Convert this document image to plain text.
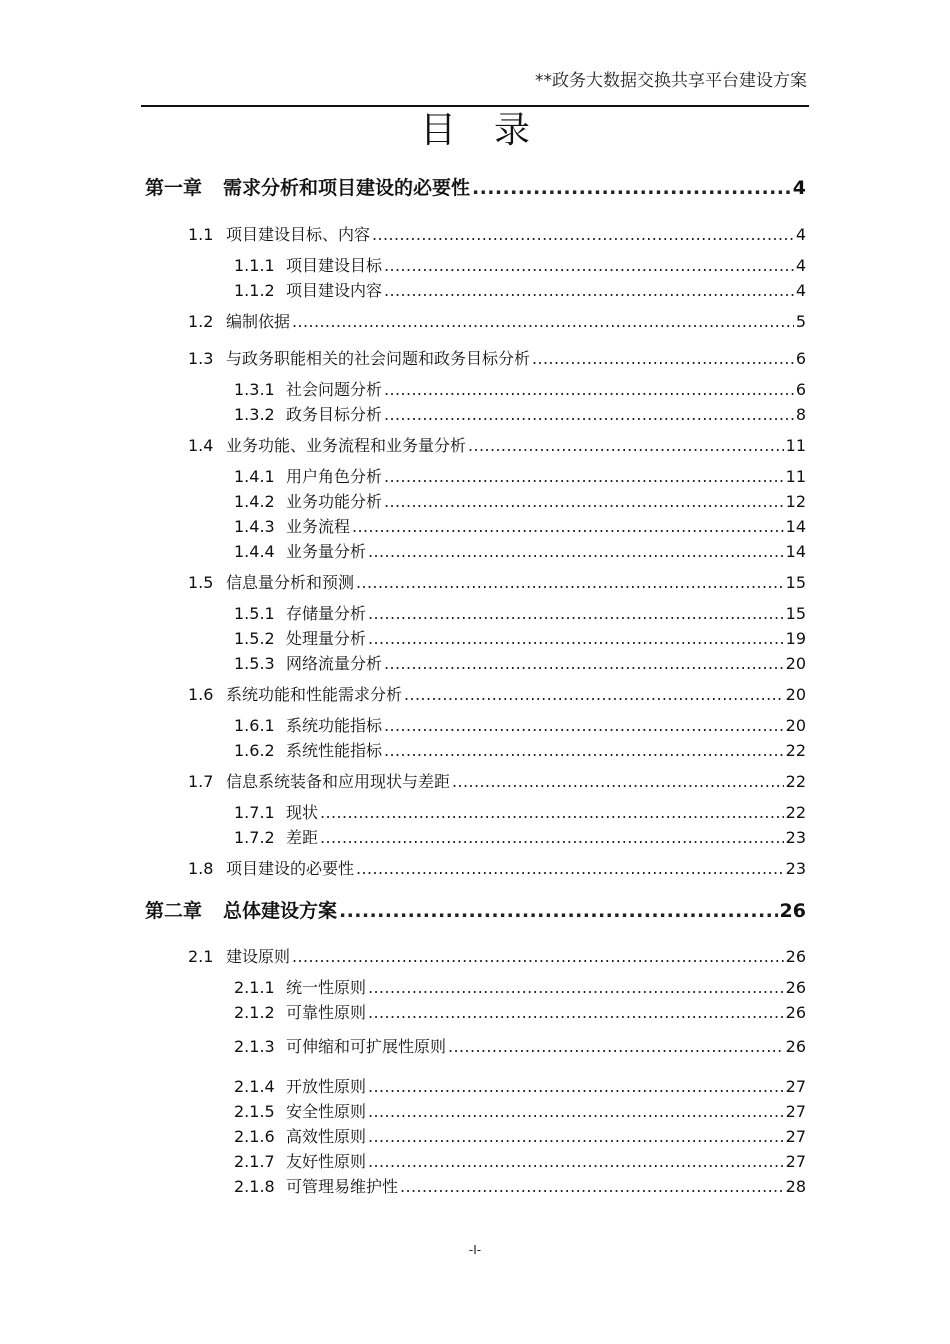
**政务大数据交换共享平台建设方案
目录
第一章	需求分析和项目建设的必要性 .....	4
1.1 项目建设目标、内容 .....	4
1.1.1 项目建设目标 .....	4
1.1.2 项目建设内容 .....	4
1.2 编制依据 .....	5
1.3 与政务职能相关的社会问题和政务目标分析 .....	6
1.3.1 社会问题分析 .....	6
1.3.2 政务目标分析 .....	8
1.4 业务功能、业务流程和业务量分析 .....	11
1.4.1 用户角色分析 .....	11
1.4.2 业务功能分析 .....	12
1.4.3 业务流程 .....	14
1.4.4 业务量分析 .....	14
1.5 信息量分析和预测 .....	15
1.5.1 存储量分析 .....	15
1.5.2 处理量分析 .....	19
1.5.3 网络流量分析 .....	20
1.6 系统功能和性能需求分析 .....	20
1.6.1 系统功能指标 .....	20
1.6.2 系统性能指标 .....	22
1.7 信息系统装备和应用现状与差距 .....	22
1.7.1 现状 .....	22
1.7.2 差距 .....	23
1.8 项目建设的必要性 .....	23
第二章	总体建设方案 .....	26
2.1 建设原则 .....	26
2.1.1 统一性原则 .....	26
2.1.2 可靠性原则 .....	26
2.1.3 可伸缩和可扩展性原则 .....	26
2.1.4 开放性原则 .....	27
2.1.5 安全性原则 .....	27
2.1.6 高效性原则 .....	27
2.1.7 友好性原则 .....	27
2.1.8 可管理易维护性 .....	28
-I-
